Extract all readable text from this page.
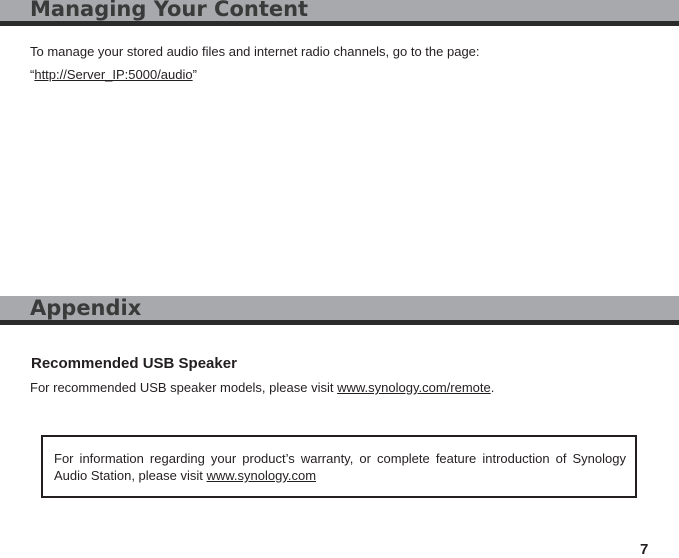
Managing Your Content
To manage your stored audio files and internet radio channels, go to the page:
“http://Server_IP:5000/audio”
Appendix
Recommended USB Speaker
For recommended USB speaker models, please visit www.synology.com/remote.
For information regarding your product’s warranty, or complete feature introduction of Synology Audio Station, please visit www.synology.com
7
